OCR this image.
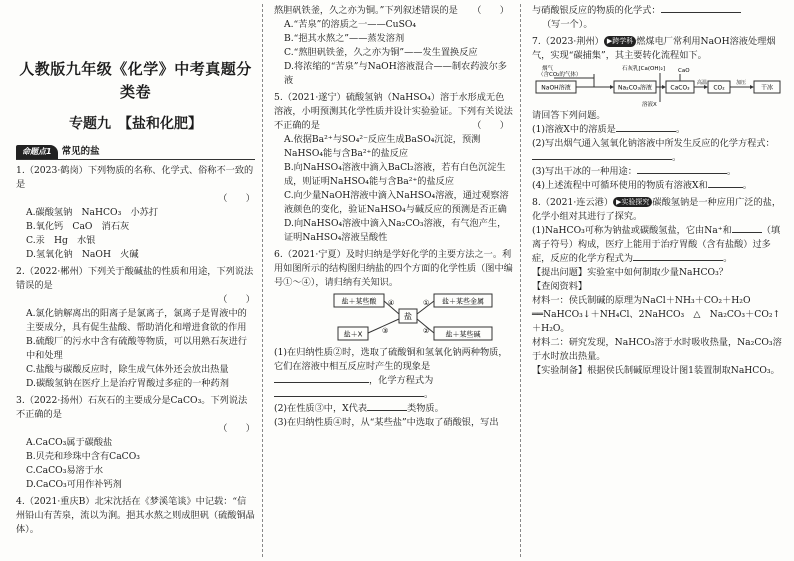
人教版九年级《化学》中考真题分类卷
专题九　【盐和化肥】
命题点1	常见的盐

1.（2023·鹤岗）下列物质的名称、化学式、俗称不一致的是

（　　）

A.碳酸氢钠　NaHCO₃　小苏打

B.氧化钙　CaO　消石灰

C.汞　Hg　水银

D.氢氧化钠　NaOH　火碱

2.（2022·郴州）下列关于酸碱盐的性质和用途，下列说法错误的是

（　　）

A.氯化钠解离出的阳离子是氯离子，氯离子是胃液中的主要成分，具有促生盐酸、帮助消化和增进食欲的作用

B.硫酸厂的污水中含有硫酸等物质，可以用熟石灰进行中和处理

C.盐酸与碳酸反应时，除生成气体外还会放出热量

D.碳酸氢钠在医疗上是治疗胃酸过多症的一种药剂

3.（2022·扬州）石灰石的主要成分是CaCO₃。下列说法不正确的是

（　　）

A.CaCO₃属于碳酸盐

B.贝壳和珍珠中含有CaCO₃

C.CaCO₃易溶于水

D.CaCO₃可用作补钙剂

4.（2021·重庆B）北宋沈括在《梦溪笔谈》中记载：“信州铅山有苦泉，流以为涧。挹其水熬之则成胆矾（硫酸铜晶体）。

熬胆矾铁釜，久之亦为铜。”下列叙述错误的是 （　　）

A.“苦泉”的溶质之一——CuSO₄

B.“挹其水熬之”——蒸发溶剂

C.“熬胆矾铁釜，久之亦为铜”——发生置换反应

D.将浓缩的“苦泉”与NaOH溶液混合——制农药波尔多液

5.（2021·遂宁）硫酸氢钠（NaHSO₄）溶于水形成无色溶液，小明预测其化学性质并设计实验验证。下列有关说法不正确的是	（　　）

A.依据Ba²⁺与SO₄²⁻反应生成BaSO₄沉淀，预测NaHSO₄能与含Ba²⁺的盐反应

B.向NaHSO₄溶液中滴入BaCl₂溶液，若有白色沉淀生成，则证明NaHSO₄能与含Ba²⁺的盐反应

C.向少量NaOH溶液中滴入NaHSO₄溶液，通过观察溶液颜色的变化，验证NaHSO₄与碱反应的预测是否正确

D.向NaHSO₄溶液中滴入Na₂CO₃溶液，有气泡产生，证明NaHSO₄溶液呈酸性

6.（2021·宁夏）及时归纳是学好化学的主要方法之一。利用如图所示的结构图归纳盐的四个方面的化学性质（图中编号①～④），请归纳有关知识。

盐＋某些酸	盐＋某些金属
盐
盐＋X	盐＋某些碱
④	①
③	②

(1)在归纳性质②时，选取了硫酸铜和氢氧化钠两种物质，它们在溶液中相互反应时产生的现象是

，化学方程式为

。

(2)在性质③中，X代表	类物质。

(3)在归纳性质④时，从“某些盐”中选取了硝酸银，写出

与硝酸银反应的物质的化学式：

（写一个）。

7.（2023·荆州） ▶跨学科 燃煤电厂常利用NaOH溶液处理烟气，实现“碳捕集”，其主要转化流程如下。

烟气
（含CO₂的气体）
石灰乳[Ca(OH)₂] CaO
NaOH溶液	Na₂CO₃溶液	CaCO₃
高温
CO₂
加压
干冰
溶液X

请回答下列问题。

(1)溶液X中的溶质是	。

(2)写出烟气通入氢氧化钠溶液中所发生反应的化学方程式：

。

(3)写出干冰的一种用途：	。

(4)上述流程中可循环使用的物质有溶液X和	。

8.（2021·连云港） ▶实验探究 碳酸氢钠是一种应用广泛的盐，化学小组对其进行了探究。

(1)NaHCO₃可称为钠盐或碳酸氢盐，它由Na⁺和	（填离子符号）构成，医疗上能用于治疗胃酸（含有盐酸）过多症，反应的化学方程式为	。

【提出问题】实验室中如何制取少量NaHCO₃？

【查阅资料】

材料一：侯氏制碱的原理为NaCl＋NH₃＋CO₂＋H₂O

══NaHCO₃↓＋NH₄Cl、2NaHCO₃　△　Na₂CO₃＋CO₂↑＋H₂O。

材料二：研究发现，NaHCO₃溶于水时吸收热量，Na₂CO₃溶于水时放出热量。

【实验制备】根据侯氏制碱原理设计图1装置制取NaHCO₃。
